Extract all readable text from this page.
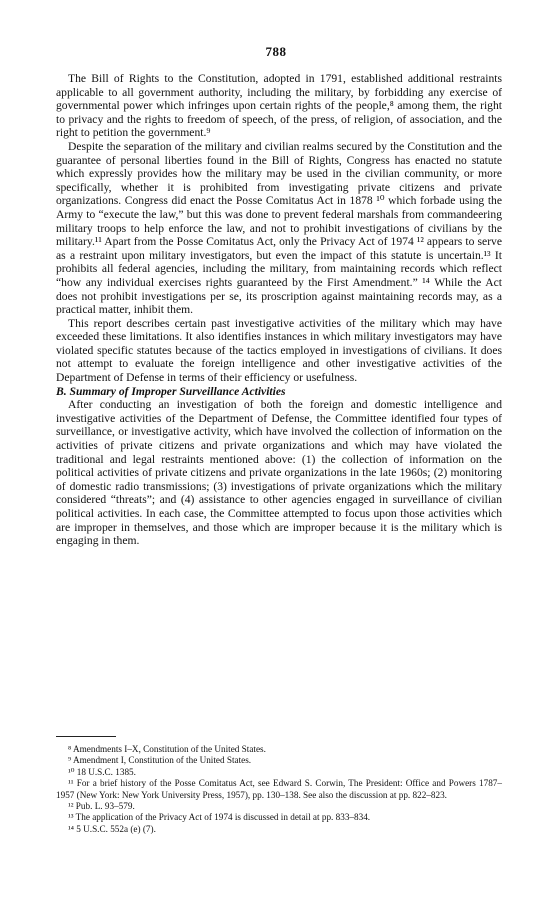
788

The Bill of Rights to the Constitution, adopted in 1791, established additional restraints applicable to all government authority, including the military, by forbidding any exercise of governmental power which infringes upon certain rights of the people,⁸ among them, the right to privacy and the rights to freedom of speech, of the press, of religion, of association, and the right to petition the government.⁹

Despite the separation of the military and civilian realms secured by the Constitution and the guarantee of personal liberties found in the Bill of Rights, Congress has enacted no statute which expressly provides how the military may be used in the civilian community, or more specifically, whether it is prohibited from investigating private citizens and private organizations. Congress did enact the Posse Comitatus Act in 1878 ¹⁰ which forbade using the Army to “execute the law,” but this was done to prevent federal marshals from commandeering military troops to help enforce the law, and not to prohibit investigations of civilians by the military.¹¹ Apart from the Posse Comitatus Act, only the Privacy Act of 1974 ¹² appears to serve as a restraint upon military investigators, but even the impact of this statute is uncertain.¹³ It prohibits all federal agencies, including the military, from maintaining records which reflect “how any individual exercises rights guaranteed by the First Amendment.” ¹⁴ While the Act does not prohibit investigations per se, its proscription against maintaining records may, as a practical matter, inhibit them.

This report describes certain past investigative activities of the military which may have exceeded these limitations. It also identifies instances in which military investigators may have violated specific statutes because of the tactics employed in investigations of civilians. It does not attempt to evaluate the foreign intelligence and other investigative activities of the Department of Defense in terms of their efficiency or usefulness.

B. Summary of Improper Surveillance Activities

After conducting an investigation of both the foreign and domestic intelligence and investigative activities of the Department of Defense, the Committee identified four types of surveillance, or investigative activity, which have involved the collection of information on the activities of private citizens and private organizations and which may have violated the traditional and legal restraints mentioned above: (1) the collection of information on the political activities of private citizens and private organizations in the late 1960s; (2) monitoring of domestic radio transmissions; (3) investigations of private organizations which the military considered “threats”; and (4) assistance to other agencies engaged in surveillance of civilian political activities. In each case, the Committee attempted to focus upon those activities which are improper in themselves, and those which are improper because it is the military which is engaging in them.

⁸ Amendments I–X, Constitution of the United States.
⁹ Amendment I, Constitution of the United States.
¹⁰ 18 U.S.C. 1385.
¹¹ For a brief history of the Posse Comitatus Act, see Edward S. Corwin, The President: Office and Powers 1787–1957 (New York: New York University Press, 1957), pp. 130–138. See also the discussion at pp. 822–823.
¹² Pub. L. 93–579.
¹³ The application of the Privacy Act of 1974 is discussed in detail at pp. 833–834.
¹⁴ 5 U.S.C. 552a (e) (7).
